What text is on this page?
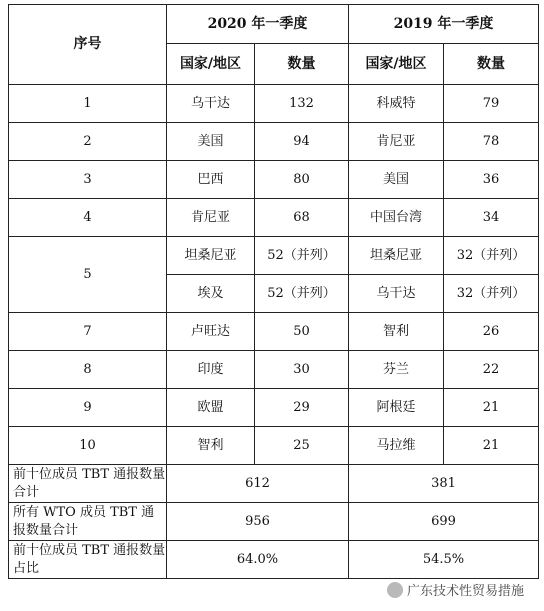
序号	2020 年一季度		2019 年一季度	
	国家/地区	数量	国家/地区	数量
1	乌干达	132	科威特	79
2	美国	94	肯尼亚	78
3	巴西	80	美国	36
4	肯尼亚	68	中国台湾	34
5	坦桑尼亚	52（并列）	坦桑尼亚	32（并列）
	埃及	52（并列）	乌干达	32（并列）
7	卢旺达	50	智利	26
8	印度	30	芬兰	22
9	欧盟	29	阿根廷	21
10	智利	25	马拉维	21
前十位成员 TBT 通报数量合计	612		381	
所有 WTO 成员 TBT 通报数量合计	956		699	
前十位成员 TBT 通报数量占比	64.0%		54.5%	
广东技术性贸易措施
